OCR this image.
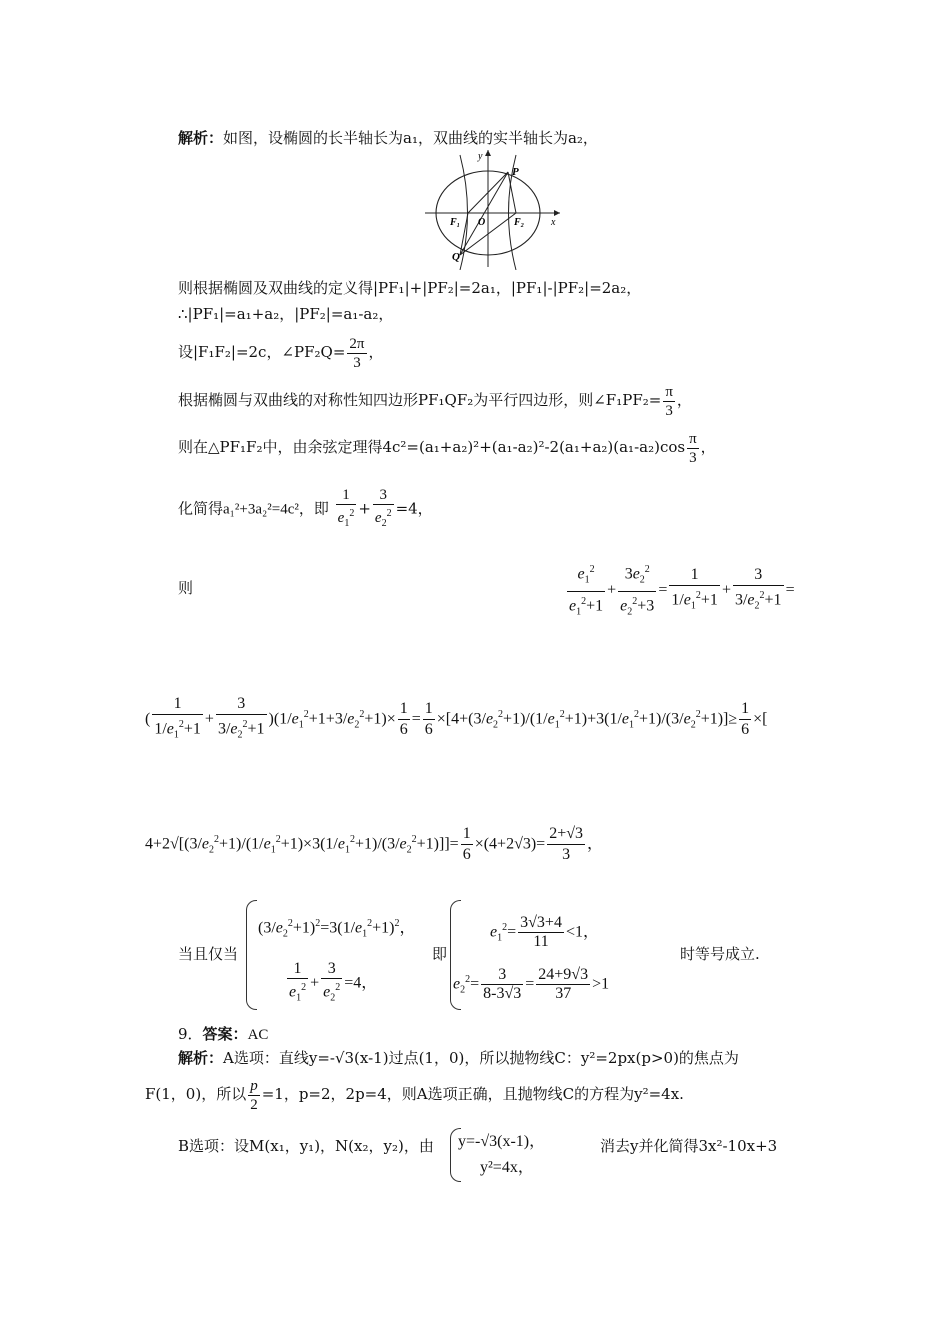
解析：如图，设椭圆的长半轴长为a₁，双曲线的实半轴长为a₂，
y
P
F₁ O	F₂	x
Q
则根据椭圆及双曲线的定义得|PF₁|+|PF₂|=2a₁，|PF₁|-|PF₂|=2a₂，
∴|PF₁|=a₁+a₂，|PF₂|=a₁-a₂，
设|F₁F₂|=2c，∠PF₂Q= $\frac{2\pi}{3}$ ，
根据椭圆与双曲线的对称性知四边形PF₁QF₂为平行四边形，则∠F₁PF₂= $\frac{\pi}{3}$ ，
则在△PF₁F₂中，由余弦定理得$4c^2=(a_1+a_2)^2+(a_1-a_2)^2-2(a_1+a_2)(a_1-a_2)\cos \frac{\pi}{3}$ ，
化简得a₁²+3a₂²=4c²，即 $\frac{1}{e_1^2} + \frac{3}{e_2^2} =4$，
则	$\frac{e_1^2}{e_1^2+1} + \frac{3e_2^2}{e_2^2+3} = \frac{1}{1/e_1^2+1} + \frac{3}{3/e_2^2+1}$ =
( $\frac{1}{1/e_1^2+1} + \frac{3}{3/e_2^2+1} )(1/e_1^2+1+3/e_2^2+1)\times \frac{1}{6} = \frac{1}{6} \times[4+(3/e_2^2+1)/(1/e_1^2+1)+3(1/e_1^2+1)/(3/e_2^2+1)]\ge \frac{1}{6}$ ×[
$4+2√[(3/e_2^2+1)/(1/e_1^2+1)\times 3(1/e_1^2+1)/(3/e_2^2+1)]]= \frac{1}{6} \times(4+2√3)= \frac{2+√3}{3}$ ，
当且仅当
$(3/e_2^2+1)^2=3(1/e_1^2+1)^2$，
$\frac{1}{e_1^2} + \frac{3}{e_2^2} =4$，
即
$e_1^2= \frac{3√3+4}{11} <1$，
$e_2^2= \frac{3}{8-3√3} = \frac{24+9√3}{37} >1$
时等号成立.
9．答案：AC
解析：A选项：直线y=-√3(x-1)过点(1，0)，所以抛物线C：y²=2px(p>0)的焦点为
F(1，0)，所以 $\frac{p}{2} =1$，p=2，2p=4，则A选项正确，且抛物线C的方程为y²=4x.
B选项：设M(x₁，y₁)，N(x₂，y₂)，由 y=-√3(x-1)，
y²=4x，
消去y并化简得3x²-10x+3
